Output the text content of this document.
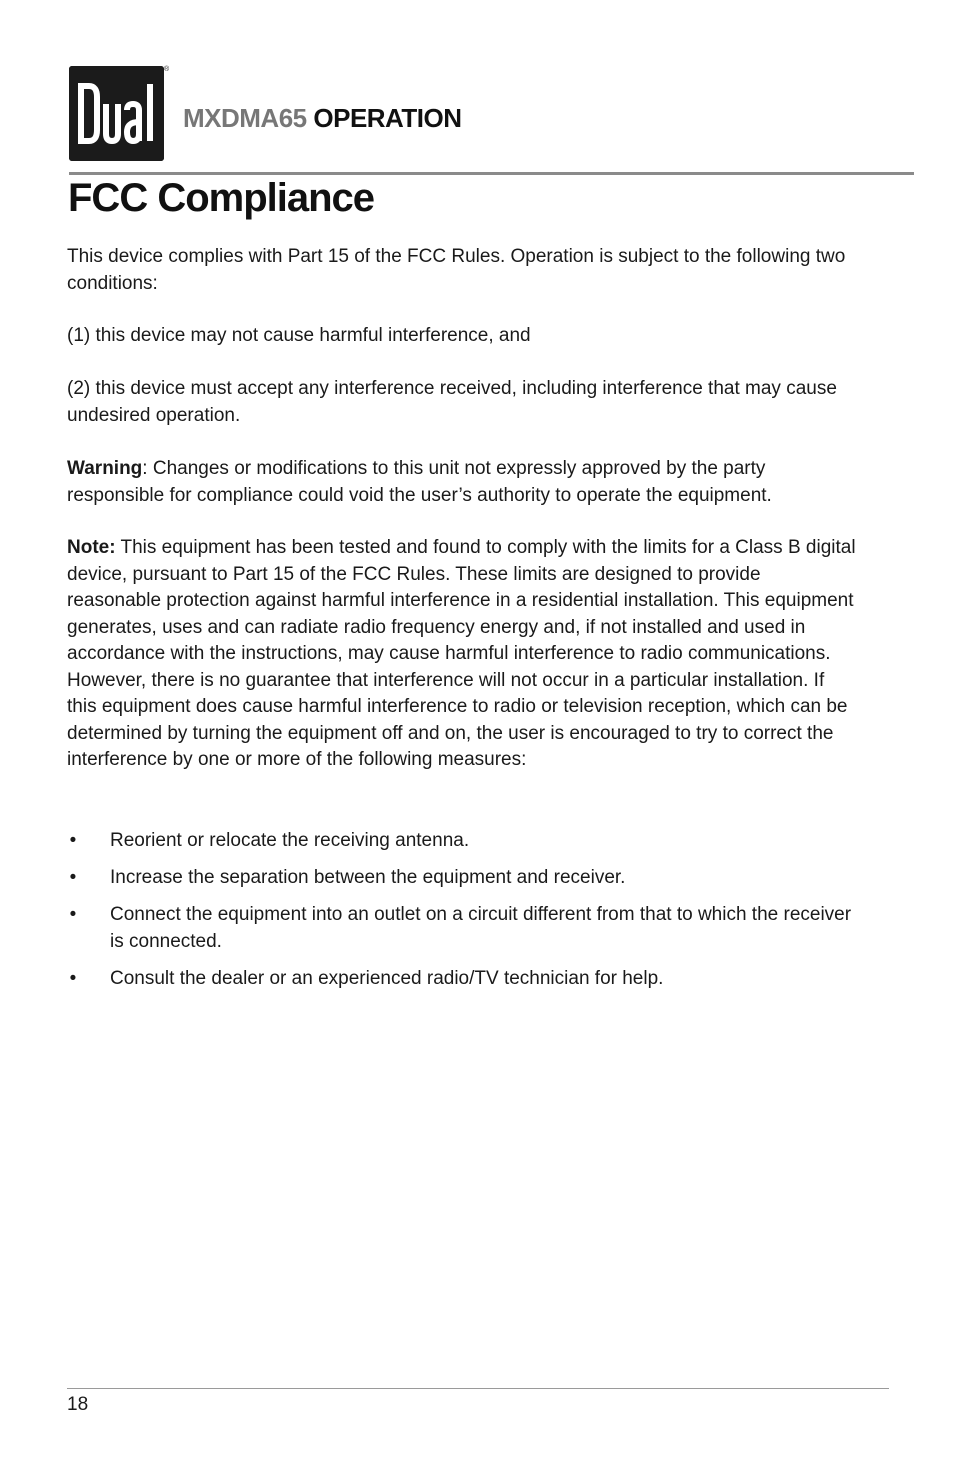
®
MXDMA65 OPERATION
FCC Compliance

This device complies with Part 15 of the FCC Rules. Operation is subject to the following two conditions:

(1) this device may not cause harmful interference, and

(2) this device must accept any interference received, including interference that may cause undesired operation.

Warning: Changes or modifications to this unit not expressly approved by the party responsible for compliance could void the user’s authority to operate the equipment.

Note: This equipment has been tested and found to comply with the limits for a Class B digital device, pursuant to Part 15 of the FCC Rules. These limits are designed to provide reasonable protection against harmful interference in a residential installation. This equipment generates, uses and can radiate radio frequency energy and, if not installed and used in accordance with the instructions, may cause harmful interference to radio communications. However, there is no guarantee that interference will not occur in a particular installation. If this equipment does cause harmful interference to radio or television reception, which can be determined by turning the equipment off and on, the user is encouraged to try to correct the interference by one or more of the following measures:

• Reorient or relocate the receiving antenna.
• Increase the separation between the equipment and receiver.
• Connect the equipment into an outlet on a circuit different from that to which the receiver is connected.
• Consult the dealer or an experienced radio/TV technician for help.
18
